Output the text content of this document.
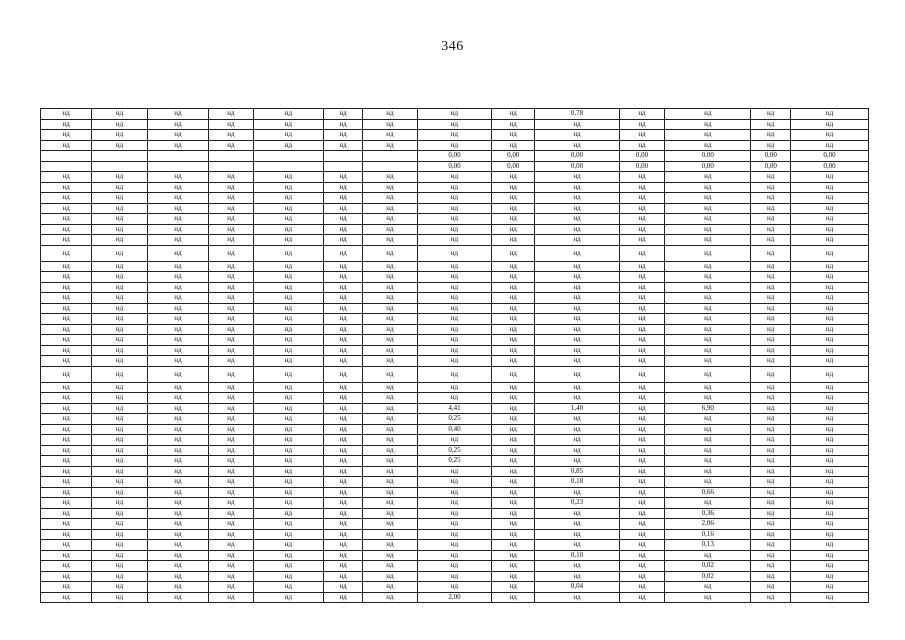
346
нд	нд	нд	нд	нд	нд	нд	нд	нд	0,78	нд	нд	нд	нд
нд	нд	нд	нд	нд	нд	нд	нд	нд	нд	нд	нд	нд	нд
нд	нд	нд	нд	нд	нд	нд	нд	нд	нд	нд	нд	нд	нд
нд	нд	нд	нд	нд	нд	нд	нд	нд	нд	нд	нд	нд	нд
							0,00	0,00	0,00	0,00	0,00	0,00	0,00
							0,00	0,00	0,00	0,00	0,00	0,00	0,00
нд	нд	нд	нд	нд	нд	нд	нд	нд	нд	нд	нд	нд	нд
нд	нд	нд	нд	нд	нд	нд	нд	нд	нд	нд	нд	нд	нд
нд	нд	нд	нд	нд	нд	нд	нд	нд	нд	нд	нд	нд	нд
нд	нд	нд	нд	нд	нд	нд	нд	нд	нд	нд	нд	нд	нд
нд	нд	нд	нд	нд	нд	нд	нд	нд	нд	нд	нд	нд	нд
нд	нд	нд	нд	нд	нд	нд	нд	нд	нд	нд	нд	нд	нд
нд	нд	нд	нд	нд	нд	нд	нд	нд	нд	нд	нд	нд	нд
нд	нд	нд	нд	нд	нд	нд	нд	нд	нд	нд	нд	нд	нд
нд	нд	нд	нд	нд	нд	нд	нд	нд	нд	нд	нд	нд	нд
нд	нд	нд	нд	нд	нд	нд	нд	нд	нд	нд	нд	нд	нд
нд	нд	нд	нд	нд	нд	нд	нд	нд	нд	нд	нд	нд	нд
нд	нд	нд	нд	нд	нд	нд	нд	нд	нд	нд	нд	нд	нд
нд	нд	нд	нд	нд	нд	нд	нд	нд	нд	нд	нд	нд	нд
нд	нд	нд	нд	нд	нд	нд	нд	нд	нд	нд	нд	нд	нд
нд	нд	нд	нд	нд	нд	нд	нд	нд	нд	нд	нд	нд	нд
нд	нд	нд	нд	нд	нд	нд	нд	нд	нд	нд	нд	нд	нд
нд	нд	нд	нд	нд	нд	нд	нд	нд	нд	нд	нд	нд	нд
нд	нд	нд	нд	нд	нд	нд	нд	нд	нд	нд	нд	нд	нд
нд	нд	нд	нд	нд	нд	нд	нд	нд	нд	нд	нд	нд	нд
нд	нд	нд	нд	нд	нд	нд	нд	нд	нд	нд	нд	нд	нд
нд	нд	нд	нд	нд	нд	нд	нд	нд	нд	нд	нд	нд	нд
нд	нд	нд	нд	нд	нд	нд	4,41	нд	1,40	нд	6,90	нд	нд
нд	нд	нд	нд	нд	нд	нд	0,25	нд	нд	нд	нд	нд	нд
нд	нд	нд	нд	нд	нд	нд	0,40	нд	нд	нд	нд	нд	нд
нд	нд	нд	нд	нд	нд	нд	нд	нд	нд	нд	нд	нд	нд
нд	нд	нд	нд	нд	нд	нд	0,25	нд	нд	нд	нд	нд	нд
нд	нд	нд	нд	нд	нд	нд	0,25	нд	нд	нд	нд	нд	нд
нд	нд	нд	нд	нд	нд	нд	нд	нд	0,85	нд	нд	нд	нд
нд	нд	нд	нд	нд	нд	нд	нд	нд	0,18	нд	нд	нд	нд
нд	нд	нд	нд	нд	нд	нд	нд	нд	нд	нд	0,66	нд	нд
нд	нд	нд	нд	нд	нд	нд	нд	нд	0,23	нд	нд	нд	нд
нд	нд	нд	нд	нд	нд	нд	нд	нд	нд	нд	0,36	нд	нд
нд	нд	нд	нд	нд	нд	нд	нд	нд	нд	нд	2,06	нд	нд
нд	нд	нд	нд	нд	нд	нд	нд	нд	нд	нд	0,16	нд	нд
нд	нд	нд	нд	нд	нд	нд	нд	нд	нд	нд	0,13	нд	нд
нд	нд	нд	нд	нд	нд	нд	нд	нд	0,10	нд	нд	нд	нд
нд	нд	нд	нд	нд	нд	нд	нд	нд	нд	нд	0,02	нд	нд
нд	нд	нд	нд	нд	нд	нд	нд	нд	нд	нд	0,02	нд	нд
нд	нд	нд	нд	нд	нд	нд	нд	нд	0,04	нд	нд	нд	нд
нд	нд	нд	нд	нд	нд	нд	2,00	нд	нд	нд	нд	нд	нд
